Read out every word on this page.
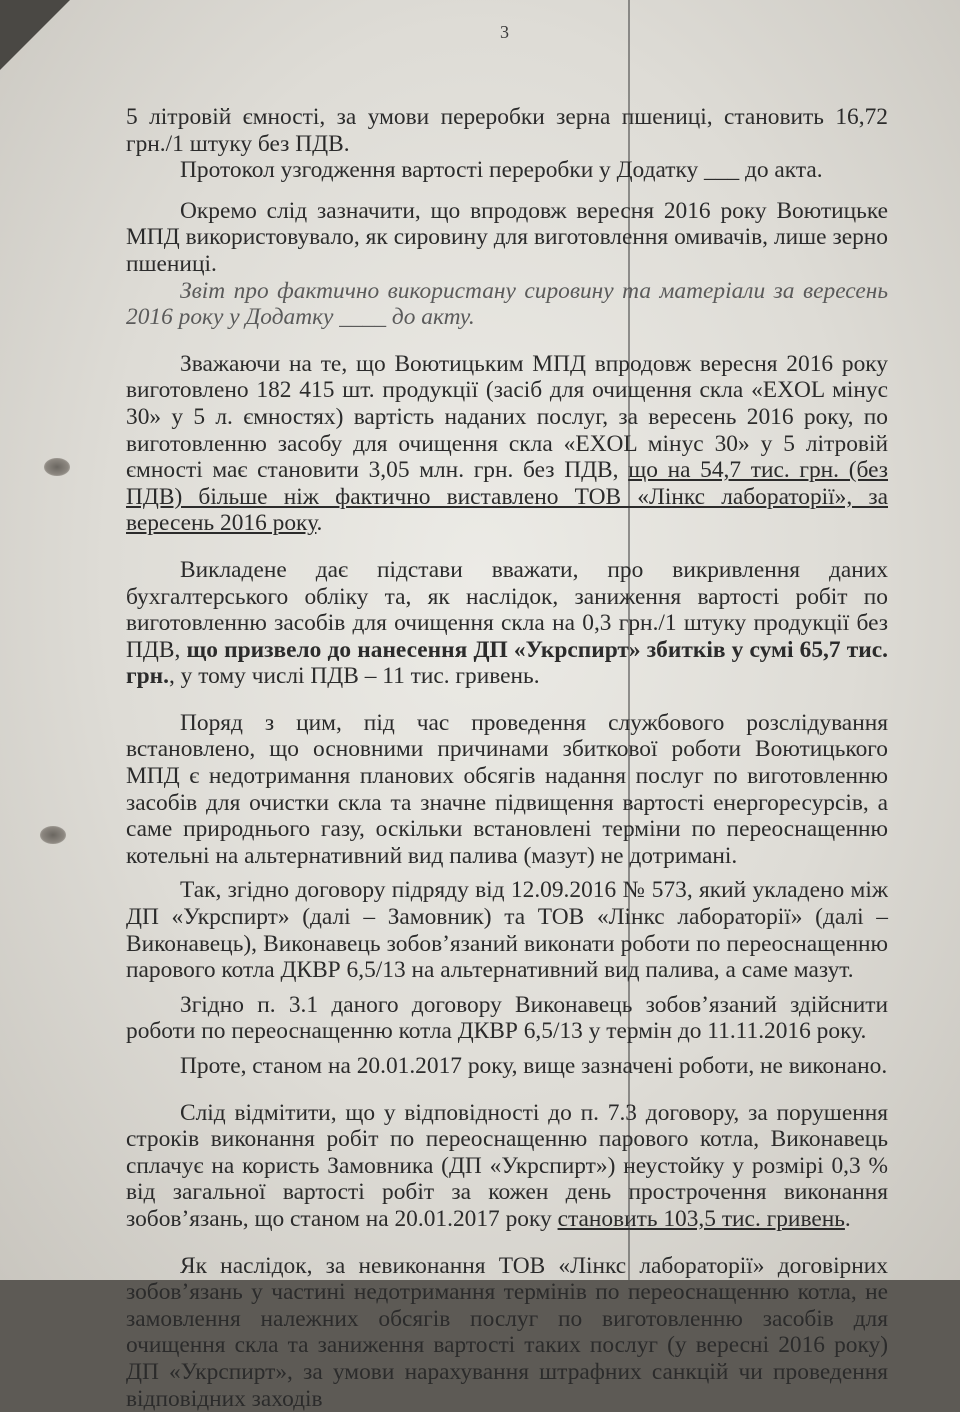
3

5 літровій ємності, за умови переробки зерна пшениці, становить 16,72 грн./1 штуку без ПДВ.

Протокол узгодження вартості переробки у Додатку ___ до акта.

Окремо слід зазначити, що впродовж вересня 2016 року Воютицьке МПД використовувало, як сировину для виготовлення омивачів, лише зерно пшениці.

Звіт про фактично використану сировину та матеріали за вересень 2016 року у Додатку ____ до акту.

Зважаючи на те, що Воютицьким МПД впродовж вересня 2016 року виготовлено 182 415 шт. продукції (засіб для очищення скла «EXOL мінус 30» у 5 л. ємностях) вартість наданих послуг, за вересень 2016 року, по виготовленню засобу для очищення скла «EXOL мінус 30» у 5 літровій ємності має становити 3,05 млн. грн. без ПДВ, що на 54,7 тис. грн. (без ПДВ) більше ніж фактично виставлено ТОВ «Лінкс лабораторії», за вересень 2016 року.

Викладене дає підстави вважати, про викривлення даних бухгалтерського обліку та, як наслідок, заниження вартості робіт по виготовленню засобів для очищення скла на 0,3 грн./1 штуку продукції без ПДВ, що призвело до нанесення ДП «Укрспирт» збитків у сумі 65,7 тис. грн., у тому числі ПДВ – 11 тис. гривень.

Поряд з цим, під час проведення службового розслідування встановлено, що основними причинами збиткової роботи Воютицького МПД є недотримання планових обсягів надання послуг по виготовленню засобів для очистки скла та значне підвищення вартості енергоресурсів, а саме природнього газу, оскільки встановлені терміни по переоснащенню котельні на альтернативний вид палива (мазут) не дотримані.

Так, згідно договору підряду від 12.09.2016 № 573, який укладено між ДП «Укрспирт» (далі – Замовник) та ТОВ «Лінкс лабораторії» (далі – Виконавець), Виконавець зобов’язаний виконати роботи по переоснащенню парового котла ДКВР 6,5/13 на альтернативний вид палива, а саме мазут.

Згідно п. 3.1 даного договору Виконавець зобов’язаний здійснити роботи по переоснащенню котла ДКВР 6,5/13 у термін до 11.11.2016 року.

Проте, станом на 20.01.2017 року, вище зазначені роботи, не виконано.

Слід відмітити, що у відповідності до п. 7.3 договору, за порушення строків виконання робіт по переоснащенню парового котла, Виконавець сплачує на користь Замовника (ДП «Укрспирт») неустойку у розмірі 0,3 % від загальної вартості робіт за кожен день прострочення виконання зобов’язань, що станом на 20.01.2017 року становить 103,5 тис. гривень.

Як наслідок, за невиконання ТОВ «Лінкс лабораторії» договірних зобов’язань у частині недотримання термінів по переоснащенню котла, не замовлення належних обсягів послуг по виготовленню засобів для очищення скла та заниження вартості таких послуг (у вересні 2016 року) ДП «Укрспирт», за умови нарахування штрафних санкцій чи проведення відповідних заходів
